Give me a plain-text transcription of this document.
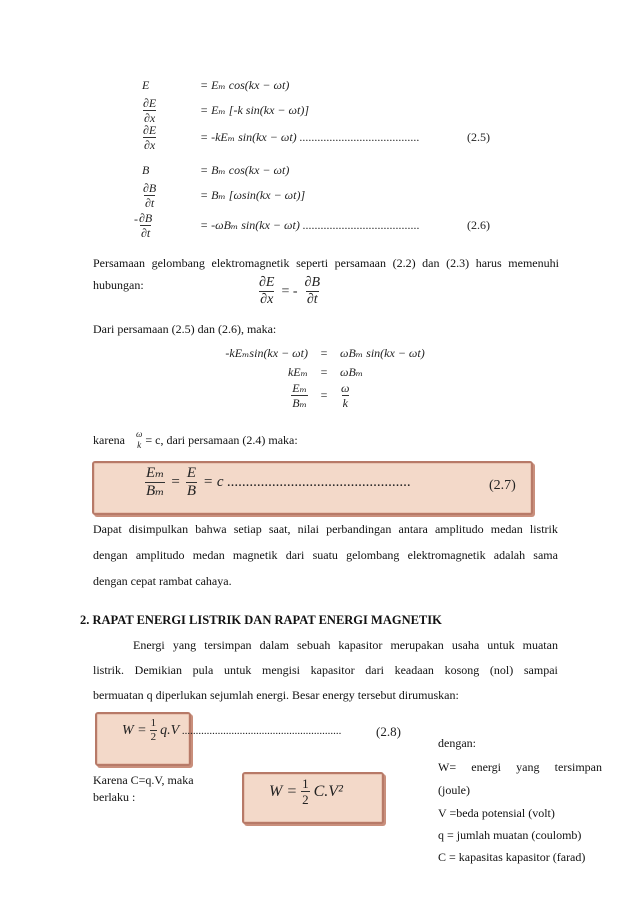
E	= Eₘ cos(kx − ωt)
$\frac{\partial E}{\partial x}$	= Eₘ [-k sin(kx − ωt)]
$\frac{\partial E}{\partial x}$	= -kEₘ sin(kx − ωt) ........................................	(2.5)
B	= Bₘ cos(kx − ωt)
$\frac{\partial B}{\partial t}$	= Bₘ [ωsin(kx − ωt)]
- $\frac{\partial B}{\partial t}$	= -ωBₘ sin(kx − ωt) .......................................	(2.6)
Persamaan gelombang elektromagnetik seperti persamaan (2.2) dan (2.3) harus memenuhi
hubungan:	$\frac{\partial E}{\partial x}$ = - $\frac{\partial B}{\partial t}$
Dari persamaan (2.5) dan (2.6), maka:
-kEₘsin(kx − ωt)	=	ωBₘ sin(kx − ωt)
kEₘ	=	ωBₘ
$\frac{\text{Eₘ}}{\text{Bₘ}}$	=	$\frac{\omega}{k}$
karena ω
k = c, dari persamaan (2.4) maka:
$\frac{\text{Eₘ}}{\text{Bₘ}} = \frac{E}{B} = c$ .................................................	(2.7)
Dapat disimpulkan bahwa setiap saat, nilai perbandingan antara amplitudo medan listrik
dengan amplitudo medan magnetik dari suatu gelombang elektromagnetik adalah sama
dengan cepat rambat cahaya.
2. RAPAT ENERGI LISTRIK DAN RAPAT ENERGI MAGNETIK
Energi yang tersimpan dalam sebuah kapasitor merupakan usaha untuk muatan
listrik. Demikian pula untuk mengisi kapasitor dari keadaan kosong (nol) sampai
bermuatan q diperlukan sejumlah energi. Besar energy tersebut dirumuskan:
$W = \frac{1}{2} q.V$ ..........................................................	(2.8)
Karena C=q.V, maka
berlaku :	$W = \frac{1}{2} C.V^2$
dengan:
W= energi yang tersimpan
(joule)
V =beda potensial (volt)
q = jumlah muatan (coulomb)
C = kapasitas kapasitor (farad)
